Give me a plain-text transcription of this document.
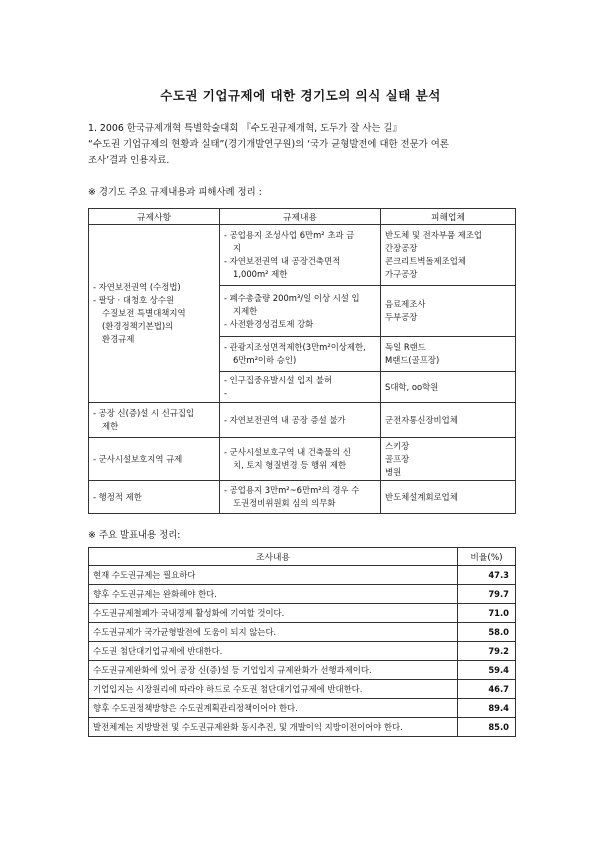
수도권 기업규제에 대한 경기도의 의식 실태 분석
1. 2006 한국규제개혁 특별학술대회 『수도권규제개혁, 도두가 잘 사는 길』
“수도권 기업규제의 현황과 실태”(경기개발연구원)의 ‘국가 균형발전에 대한 전문가 여론
조사’결과 인용자료.
※ 경기도 주요 규제내용과 피해사례 정리 :
규제사항	규제내용	피해업체

- 자연보전권역 (수정법)
- 팔당 · 대청호 상수원
수질보전 특별대책지역
(환경정책기본법)의
환경규제	- 공업용지 조성사업 6만m² 초과 금
지
- 자연보전권역 내 공장건축면적
1,000m² 제한	반도체 및 전자부품 제조업
간장공장
콘크리트벽돌제조업체
가구공장

	- 폐수총출량 200m³/일 이상 시설 입
지제한
- 사전환경성검토제 강화	음료제조사
두부공장

	- 관광지조성면적제한(3만m²이상제한,
6만m²이하 승인)	독일 R랜드
M랜드(골프장)

	- 인구집중유발시설 입지 불허
-	S대학, oo학원

- 공장 신(증)설 시 신규집입
제한	- 자연보전권역 내 공장 증설 불가	군전자통신장비업체

- 군사시설보호지역 규제	- 군사시설보호구역 내 건축물의 신
치, 토지 형질변경 등 행위 제한	스키장
골프장
병원

- 행정적 제한	- 공업용지 3만m²~6만m²의 경우 수
도권정비위원회 심의 의무화	반도체설계회로업체
※ 주요 발표내용 정리:
조사내용	비율(%)
현재 수도권규제는 필요하다	47.3
향후 수도권규제는 완화해야 한다.	79.7
수도권규제철폐가 국내경제 활성화에 기여할 것이다.	71.0
수도권규제가 국가균형발전에 도움이 되지 않는다.	58.0
수도권 첨단대기업규제에 반대한다.	79.2
수도권규제완화에 있어 공장 신(증)설 등 기업입지 규제완화가 선행과제이다.	59.4
기업입지는 시장원리에 따라야 하드로 수도권 첨단대기업규제에 반대한다.	46.7
향후 수도권정책방향은 수도권계획관리정책이어야 한다.	89.4
발전체계는 지방발전 및 수도권규제완화 동시추진, 및 개발이익 지방이전이어야 한다.	85.0
